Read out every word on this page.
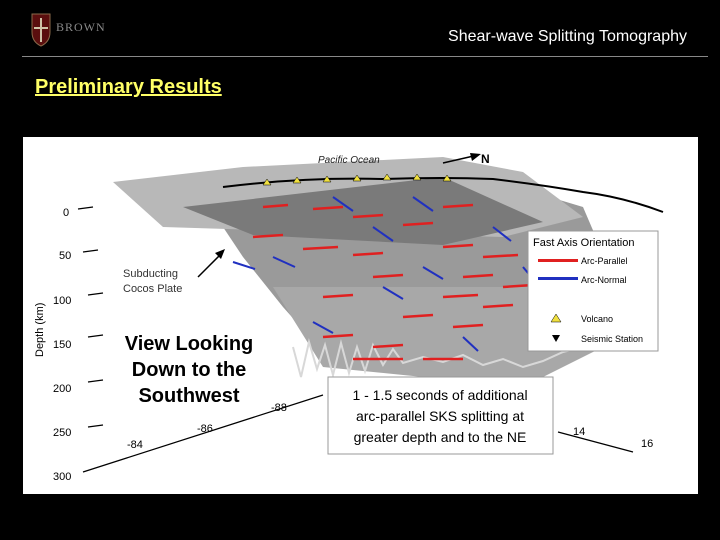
BROWN
Shear-wave Splitting Tomography
Preliminary Results
Pacific Ocean	N
Subducting
Cocos Plate
View Looking
Down to the
Southwest
Depth (km)
0
50
100
150
200
250
300
-88
-86
-84
14
16
Fast Axis Orientation
Arc-Parallel
Arc-Normal
Volcano
Seismic Station
1 - 1.5 seconds of additional
arc-parallel SKS splitting at
greater depth and to the NE
